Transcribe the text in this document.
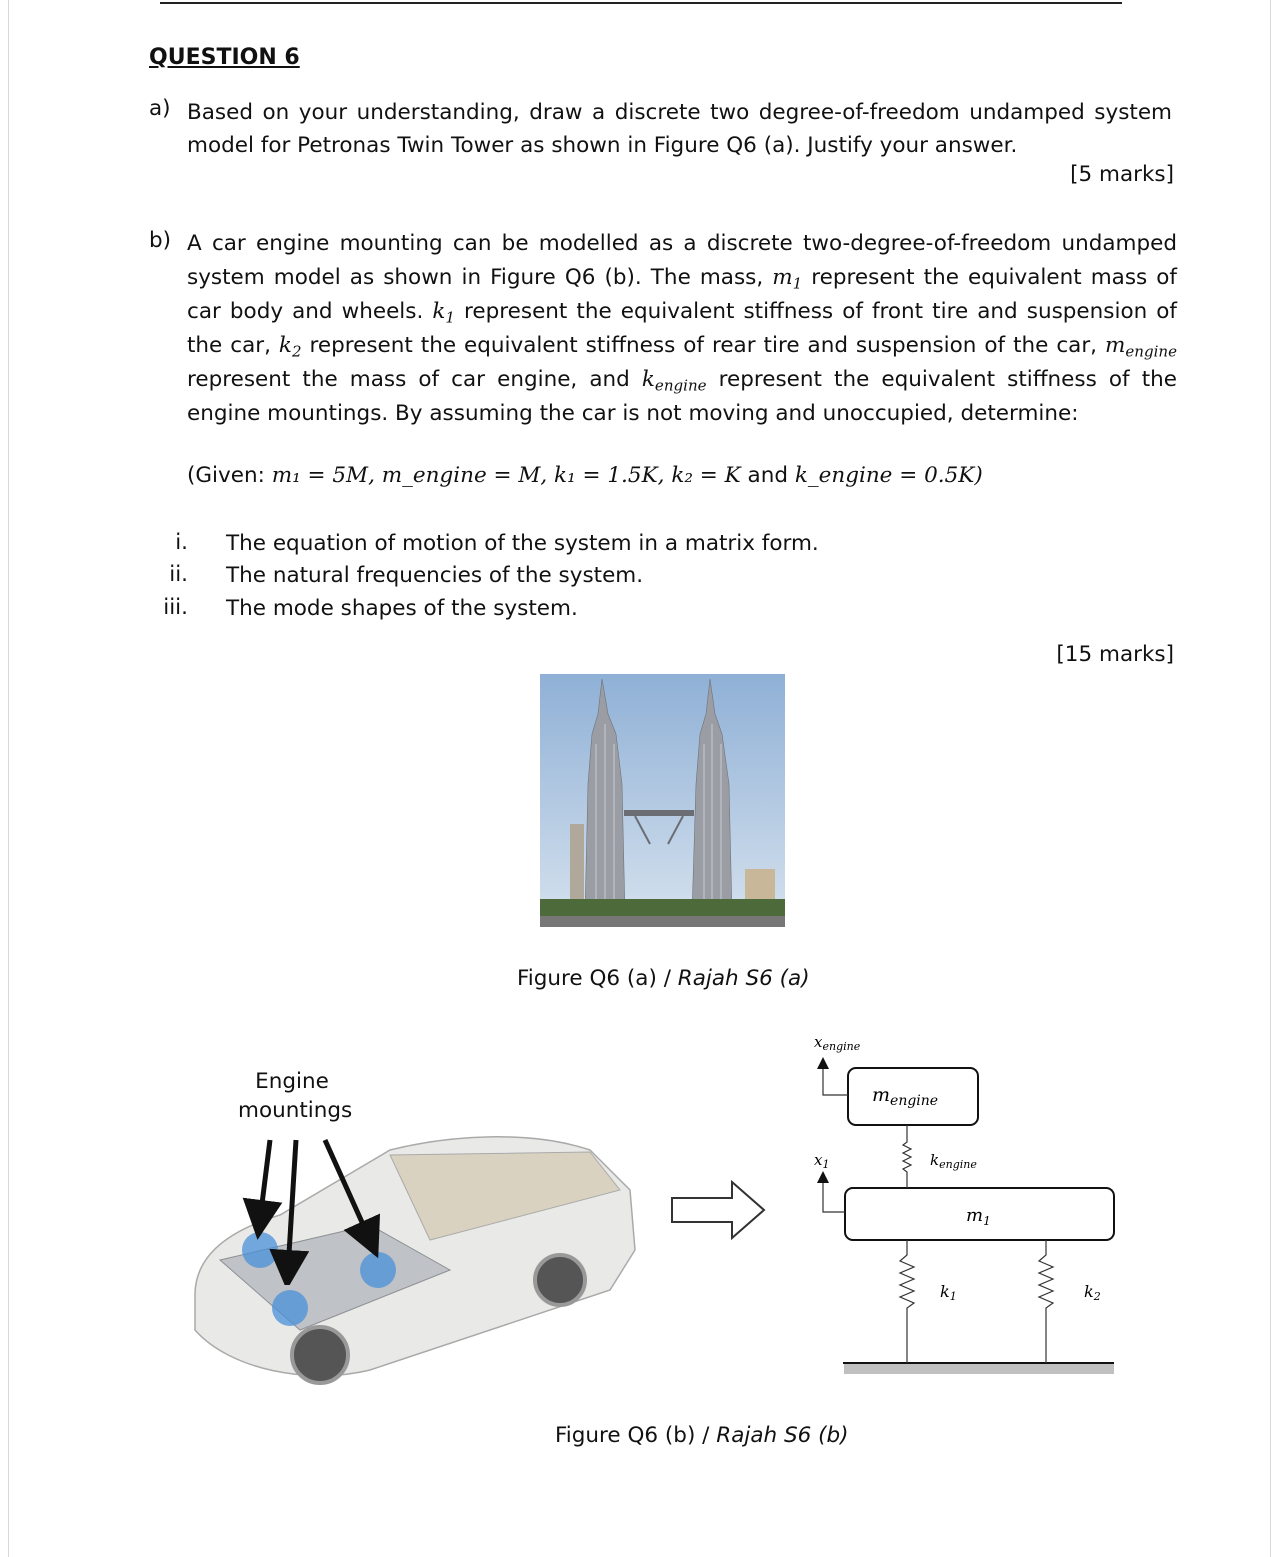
QUESTION 6
a) Based on your understanding, draw a discrete two degree-of-freedom undamped system model for Petronas Twin Tower as shown in Figure Q6 (a). Justify your answer.
[5 marks]
b) A car engine mounting can be modelled as a discrete two-degree-of-freedom undamped system model as shown in Figure Q6 (b). The mass, $m_1$ represent the equivalent mass of car body and wheels. $k_1$ represent the equivalent stiffness of front tire and suspension of the car, $k_2$ represent the equivalent stiffness of rear tire and suspension of the car, $m_{engine}$ represent the mass of car engine, and $k_{engine}$ represent the equivalent stiffness of the engine mountings. By assuming the car is not moving and unoccupied, determine:
(Given: m₁ = 5M, m_engine = M, k₁ = 1.5K, k₂ = K and k_engine = 0.5K)
i. The equation of motion of the system in a matrix form.
ii. The natural frequencies of the system.
iii. The mode shapes of the system.
[15 marks]
Figure Q6 (a) / Rajah S6 (a)
Engine
mountings
$x_{engine}$
$x_1$
$m_{engine}$
$k_{engine}$
$m_1$
k1	k2
Figure Q6 (b) / Rajah S6 (b)
